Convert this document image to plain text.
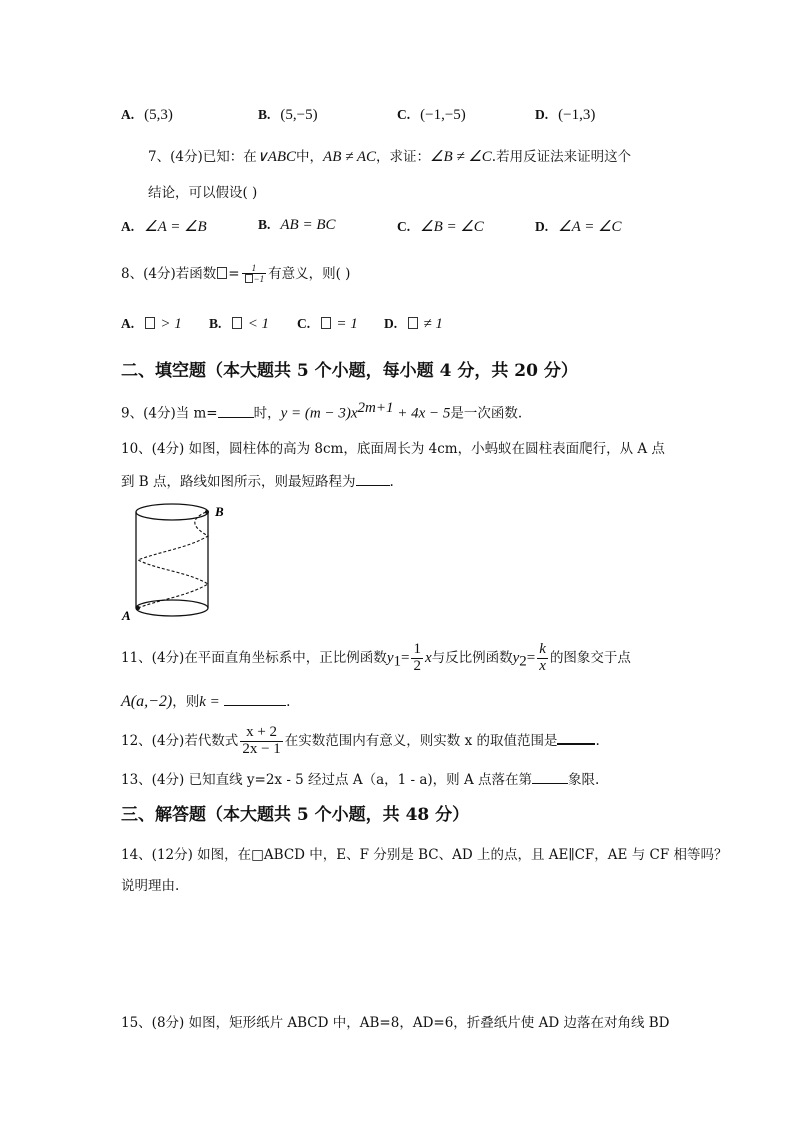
A. (5,3)	B. (5,−5)	C. (−1,−5)	D. (−1,3)
7、(4分)已知：在∨ABC中，AB ≠ AC，求证：∠B ≠ ∠C.若用反证法来证明这个
结论，可以假设( )
A. ∠A = ∠B	B. AB = BC	C. ∠B = ∠C	D. ∠A = ∠C
8、(4分)若函数 = $\frac{1}{-1}$ 有意义，则( )
A. > 1 B. < 1 C. = 1 D. ≠ 1
二、填空题（本大题共 5 个小题，每小题 4 分，共 20 分）
9、(4分)当 m=	时，$y = (m - 3)x^{2m+1} + 4x - 5$是一次函数.
10、(4分) 如图，圆柱体的高为 8cm，底面周长为 4cm，小蚂蚁在圆柱表面爬行，从 A 点
到 B 点，路线如图所示，则最短路程为	.
A
B
11、(4分)在平面直角坐标系中，正比例函数$y_1= \frac{1}{2}$ x与反比例函数$y_2= \frac{k}{x}$ 的图象交于点
A(a,−2)，则k =	.
12、(4分)若代数式 $\frac{x + 2}{2x - 1}$ 在实数范围内有意义，则实数 x 的取值范围是	.
13、(4分) 已知直线 y=2x - 5 经过点 A（a，1 - a)，则 A 点落在第	象限.
三、解答题（本大题共 5 个小题，共 48 分）
14、(12分) 如图，在□ABCD 中，E、F 分别是 BC、AD 上的点，且 AE∥CF，AE 与 CF 相等吗？
说明理由.
15、(8分) 如图，矩形纸片 ABCD 中，AB=8，AD=6，折叠纸片使 AD 边落在对角线 BD
